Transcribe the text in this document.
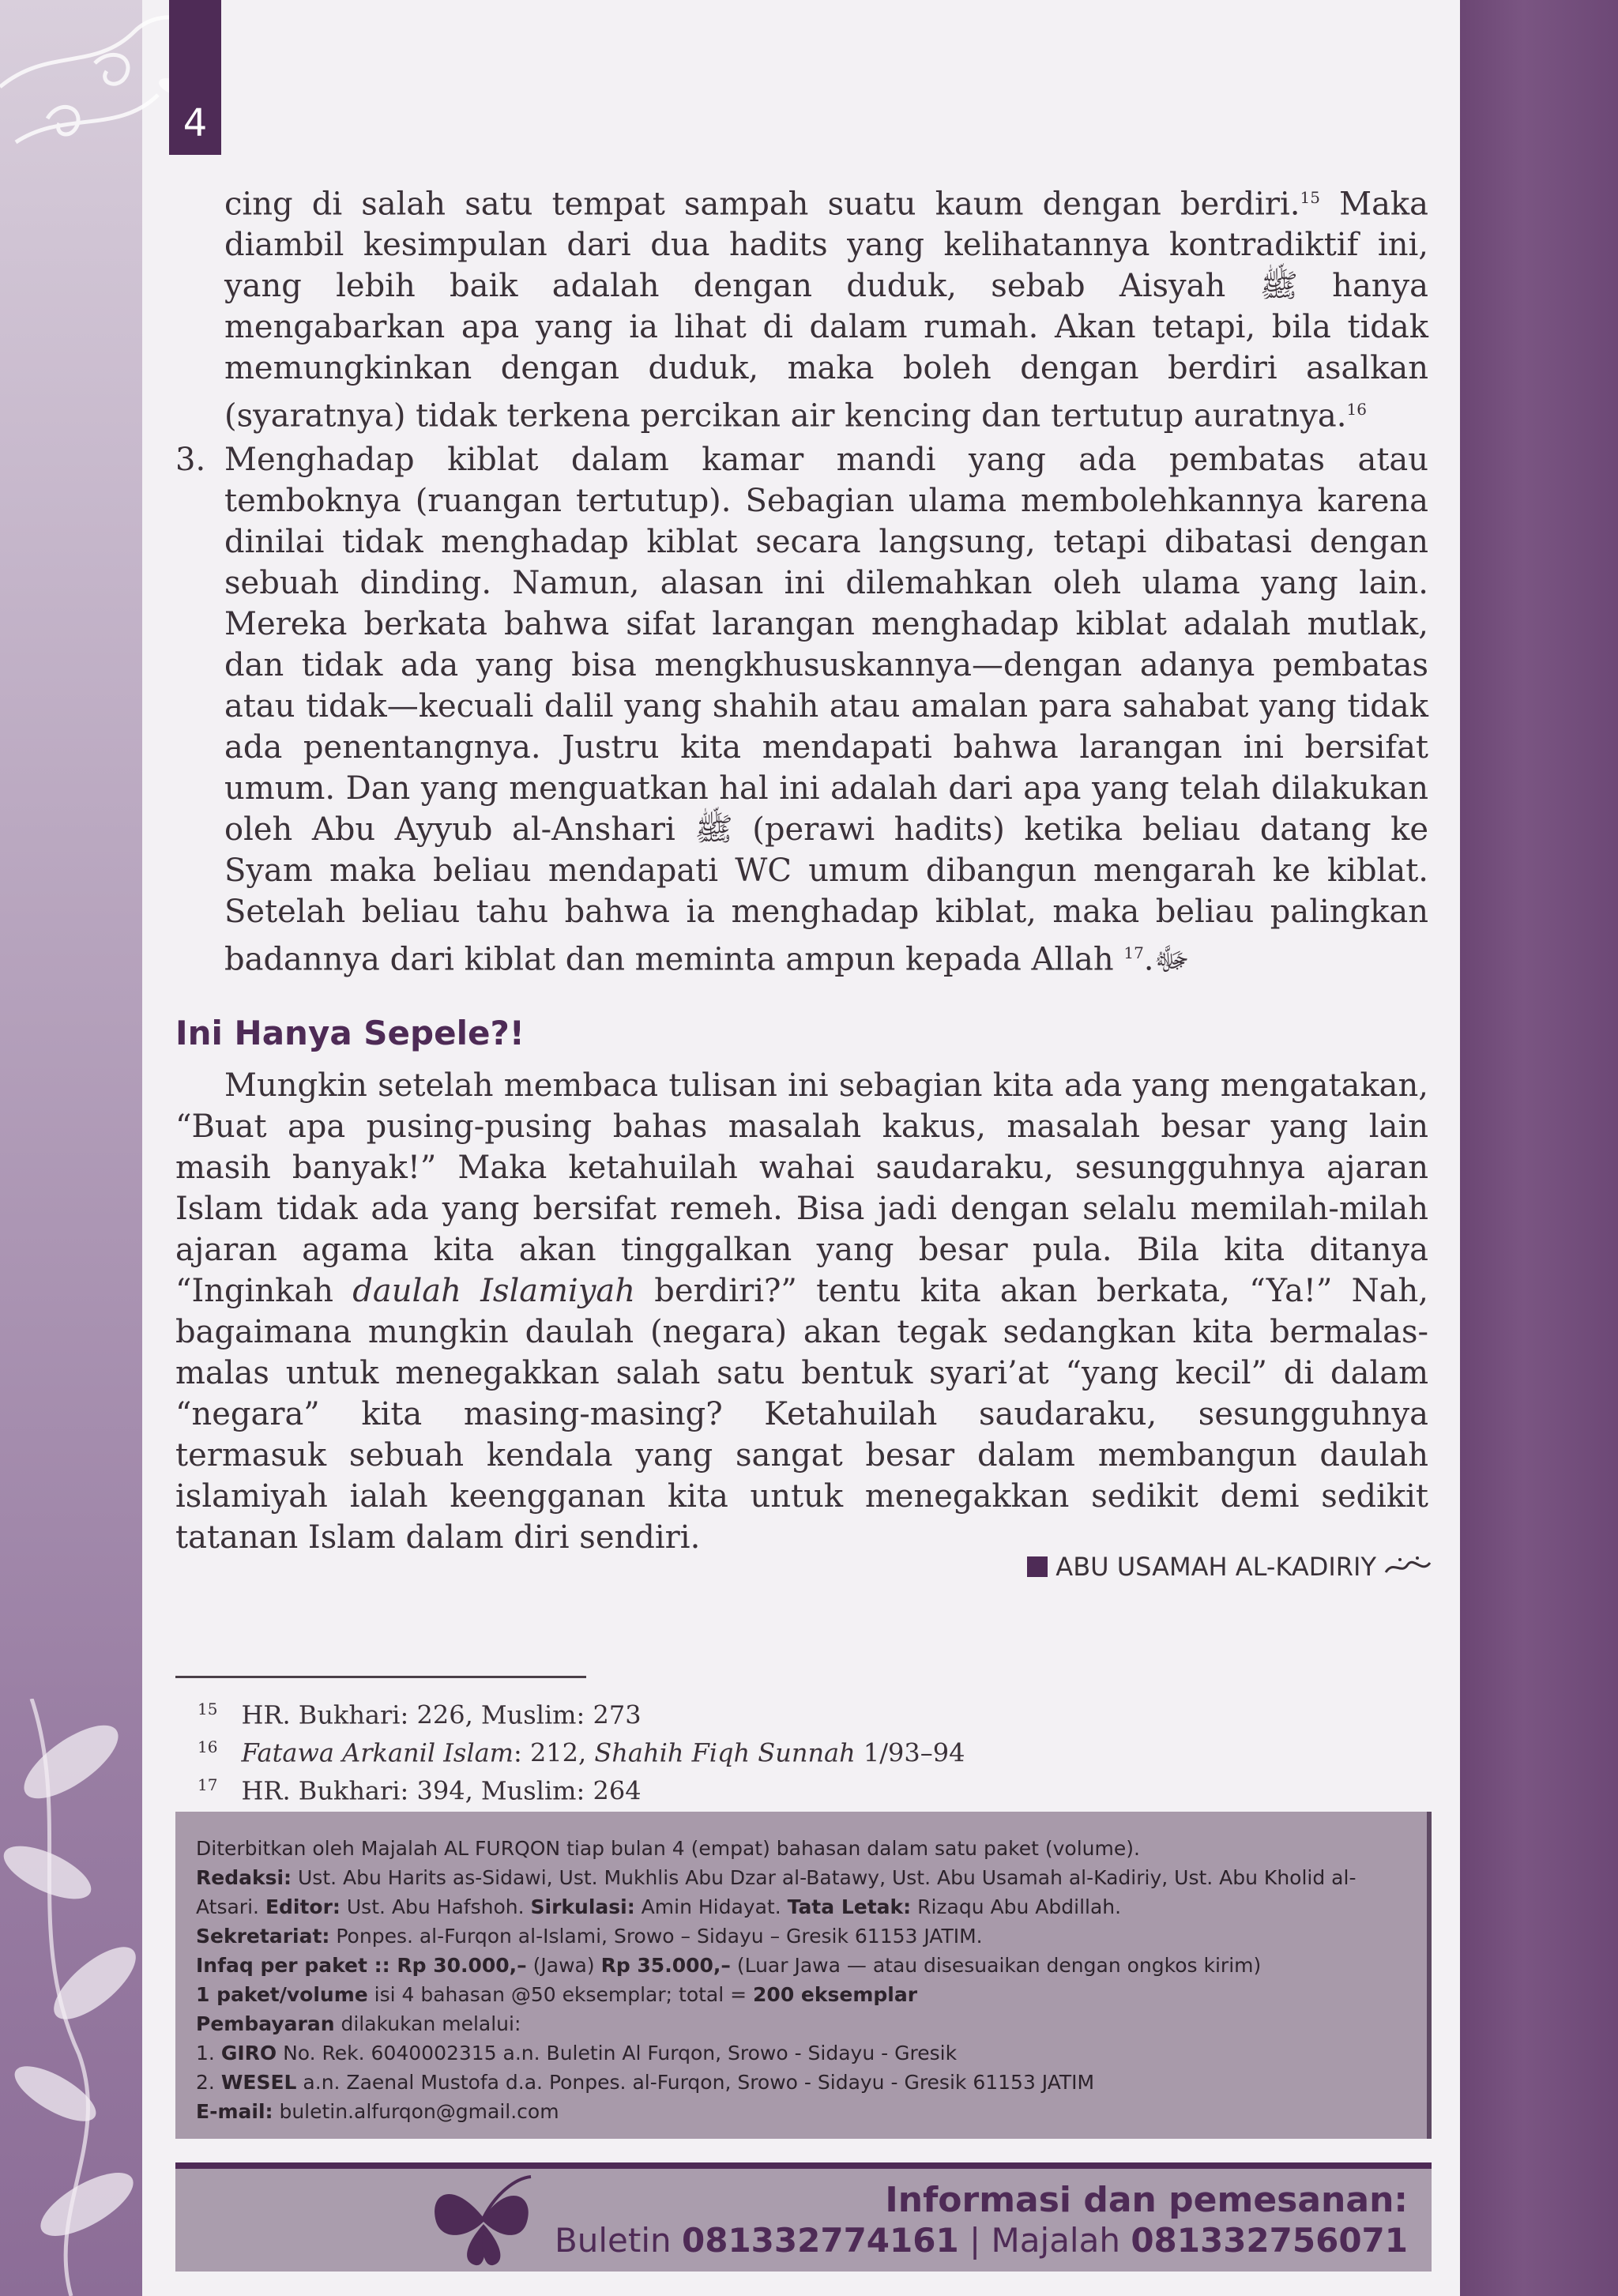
4

cing di salah satu tempat sampah suatu kaum dengan berdiri.$^{15}$ Maka diambil kesimpulan dari dua hadits yang kelihatannya kontradiktif ini, yang lebih baik adalah dengan duduk, sebab Aisyah ﷺ hanya mengabarkan apa yang ia lihat di dalam rumah. Akan tetapi, bila tidak memungkinkan dengan duduk, maka boleh dengan berdiri asalkan (syaratnya) tidak terkena percikan air kencing dan tertutup auratnya.$^{16}$

3. Menghadap kiblat dalam kamar mandi yang ada pembatas atau temboknya (ruangan tertutup). Sebagian ulama membolehkannya karena dinilai tidak menghadap kiblat secara langsung, tetapi dibatasi dengan sebuah dinding. Namun, alasan ini dilemahkan oleh ulama yang lain. Mereka berkata bahwa sifat larangan menghadap kiblat adalah mutlak, dan tidak ada yang bisa mengkhususkannya—dengan adanya pembatas atau tidak—kecuali dalil yang shahih atau amalan para sahabat yang tidak ada penentangnya. Justru kita mendapati bahwa larangan ini bersifat umum. Dan yang menguatkan hal ini adalah dari apa yang telah dilakukan oleh Abu Ayyub al-Anshari ﷺ (perawi hadits) ketika beliau datang ke Syam maka beliau mendapati WC umum dibangun mengarah ke kiblat. Setelah beliau tahu bahwa ia menghadap kiblat, maka beliau palingkan badannya dari kiblat dan meminta ampun kepada Allah ﷻ.$^{17}$

Ini Hanya Sepele?!

Mungkin setelah membaca tulisan ini sebagian kita ada yang mengatakan, “Buat apa pusing-pusing bahas masalah kakus, masalah besar yang lain masih banyak!” Maka ketahuilah wahai saudaraku, sesungguhnya ajaran Islam tidak ada yang bersifat remeh. Bisa jadi dengan selalu memilah-milah ajaran agama kita akan tinggalkan yang besar pula. Bila kita ditanya “Inginkah daulah Islamiyah berdiri?” tentu kita akan berkata, “Ya!” Nah, bagaimana mungkin daulah (negara) akan tegak sedangkan kita bermalas-malas untuk menegakkan salah satu bentuk syari’at “yang kecil” di dalam “negara” kita masing-masing? Ketahuilah saudaraku, sesungguhnya termasuk sebuah kendala yang sangat besar dalam membangun daulah islamiyah ialah keengganan kita untuk menegakkan sedikit demi sedikit tatanan Islam dalam diri sendiri.

ABU USAMAH AL-KADIRIY
$^{15}$ HR. Bukhari: 226, Muslim: 273
$^{16}$ Fatawa Arkanil Islam: 212, Shahih Fiqh Sunnah 1/93–94
$^{17}$ HR. Bukhari: 394, Muslim: 264

Diterbitkan oleh Majalah AL FURQON tiap bulan 4 (empat) bahasan dalam satu paket (volume).

Redaksi: Ust. Abu Harits as-Sidawi, Ust. Mukhlis Abu Dzar al-Batawy, Ust. Abu Usamah al-Kadiriy, Ust. Abu Kholid al-Atsari. Editor: Ust. Abu Hafshoh. Sirkulasi: Amin Hidayat. Tata Letak: Rizaqu Abu Abdillah.

Sekretariat: Ponpes. al-Furqon al-Islami, Srowo – Sidayu – Gresik 61153 JATIM.

Infaq per paket :: Rp 30.000,– (Jawa) Rp 35.000,– (Luar Jawa — atau disesuaikan dengan ongkos kirim)

1 paket/volume isi 4 bahasan @50 eksemplar; total = 200 eksemplar

Pembayaran dilakukan melalui:

1. GIRO No. Rek. 6040002315 a.n. Buletin Al Furqon, Srowo - Sidayu - Gresik

2. WESEL a.n. Zaenal Mustofa d.a. Ponpes. al-Furqon, Srowo - Sidayu - Gresik 61153 JATIM

E-mail: buletin.alfurqon@gmail.com

Informasi dan pemesanan:
Buletin 081332774161 | Majalah 081332756071
